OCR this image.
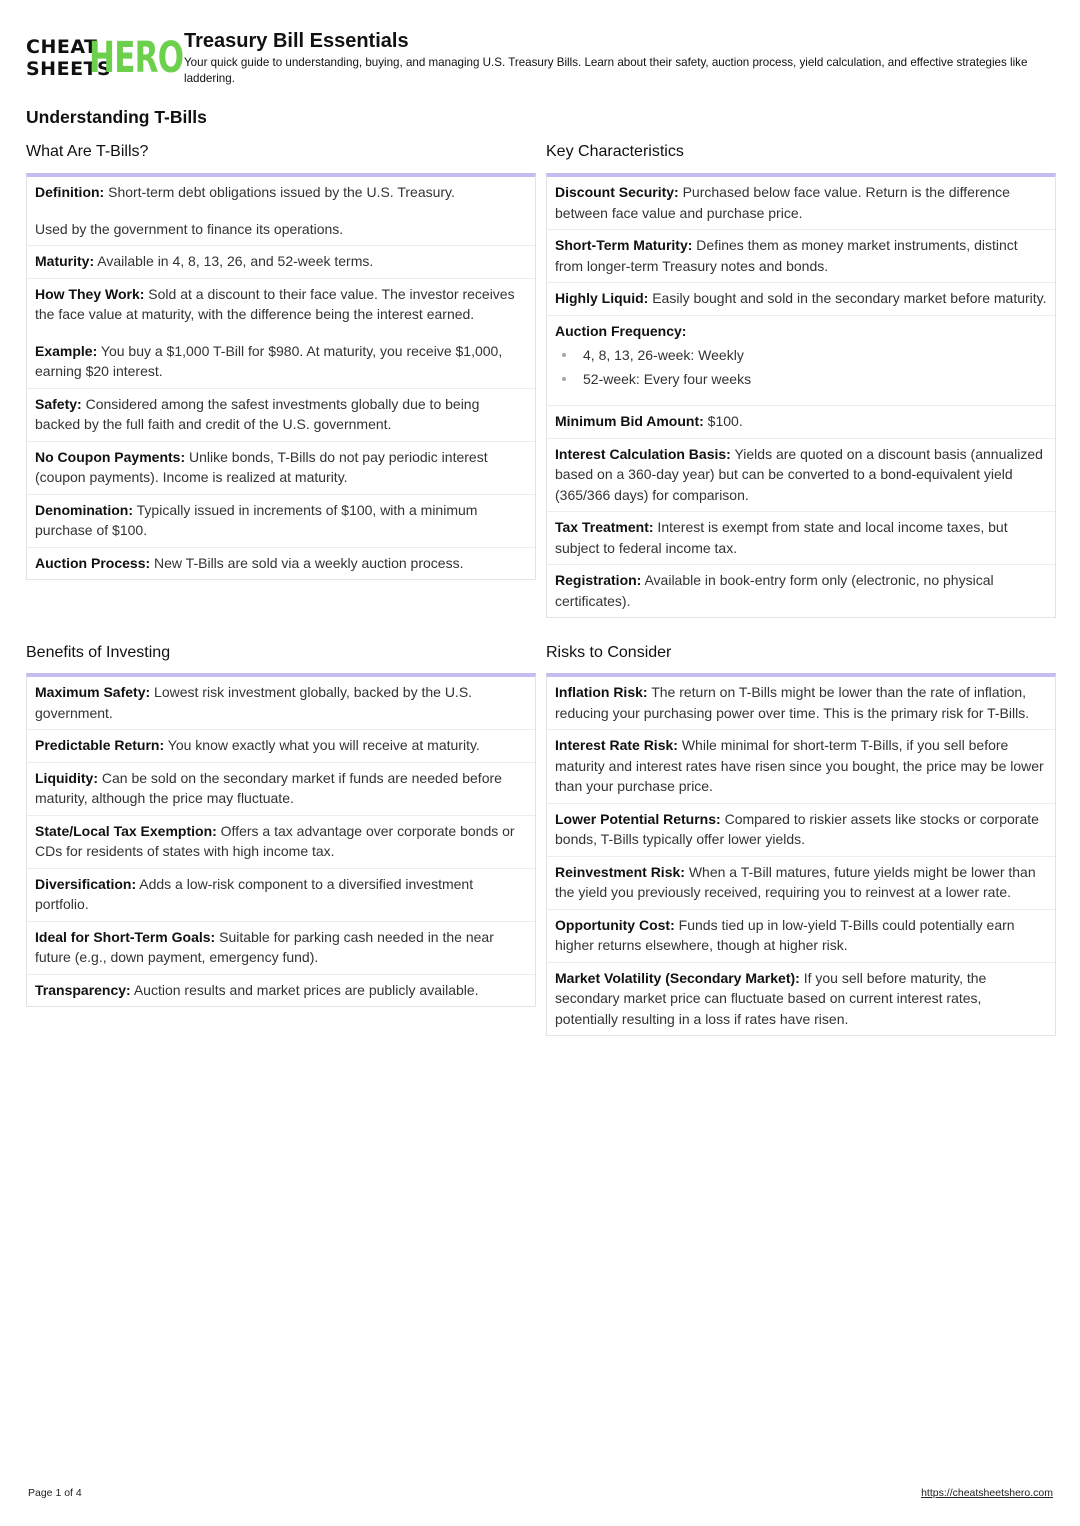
CHEAT
SHEETS
HERO Treasury Bill Essentials
Your quick guide to understanding, buying, and managing U.S. Treasury Bills. Learn about their safety, auction process, yield calculation, and effective strategies like laddering.
Understanding T-Bills
What Are T-Bills?

Definition: Short-term debt obligations issued by the U.S. Treasury.

Used by the government to finance its operations.

Maturity: Available in 4, 8, 13, 26, and 52-week terms.

How They Work: Sold at a discount to their face value. The investor receives the face value at maturity, with the difference being the interest earned.

Example: You buy a $1,000 T-Bill for $980. At maturity, you receive $1,000, earning $20 interest.

Safety: Considered among the safest investments globally due to being backed by the full faith and credit of the U.S. government.
No Coupon Payments: Unlike bonds, T-Bills do not pay periodic interest (coupon payments). Income is realized at maturity.
Denomination: Typically issued in increments of $100, with a minimum purchase of $100.
Auction Process: New T-Bills are sold via a weekly auction process.
Key Characteristics
Discount Security: Purchased below face value. Return is the difference between face value and purchase price.
Short-Term Maturity: Defines them as money market instruments, distinct from longer-term Treasury notes and bonds.
Highly Liquid: Easily bought and sold in the secondary market before maturity.
Auction Frequency:
4, 8, 13, 26-week: Weekly
52-week: Every four weeks
Minimum Bid Amount: $100.
Interest Calculation Basis: Yields are quoted on a discount basis (annualized based on a 360-day year) but can be converted to a bond-equivalent yield (365/366 days) for comparison.
Tax Treatment: Interest is exempt from state and local income taxes, but subject to federal income tax.
Registration: Available in book-entry form only (electronic, no physical certificates).
Benefits of Investing
Maximum Safety: Lowest risk investment globally, backed by the U.S. government.
Predictable Return: You know exactly what you will receive at maturity.
Liquidity: Can be sold on the secondary market if funds are needed before maturity, although the price may fluctuate.
State/Local Tax Exemption: Offers a tax advantage over corporate bonds or CDs for residents of states with high income tax.
Diversification: Adds a low-risk component to a diversified investment portfolio.
Ideal for Short-Term Goals: Suitable for parking cash needed in the near future (e.g., down payment, emergency fund).
Transparency: Auction results and market prices are publicly available.
Risks to Consider
Inflation Risk: The return on T-Bills might be lower than the rate of inflation, reducing your purchasing power over time. This is the primary risk for T-Bills.
Interest Rate Risk: While minimal for short-term T-Bills, if you sell before maturity and interest rates have risen since you bought, the price may be lower than your purchase price.
Lower Potential Returns: Compared to riskier assets like stocks or corporate bonds, T-Bills typically offer lower yields.
Reinvestment Risk: When a T-Bill matures, future yields might be lower than the yield you previously received, requiring you to reinvest at a lower rate.
Opportunity Cost: Funds tied up in low-yield T-Bills could potentially earn higher returns elsewhere, though at higher risk.
Market Volatility (Secondary Market): If you sell before maturity, the secondary market price can fluctuate based on current interest rates, potentially resulting in a loss if rates have risen.
Page 1 of 4	https://cheatsheetshero.com
